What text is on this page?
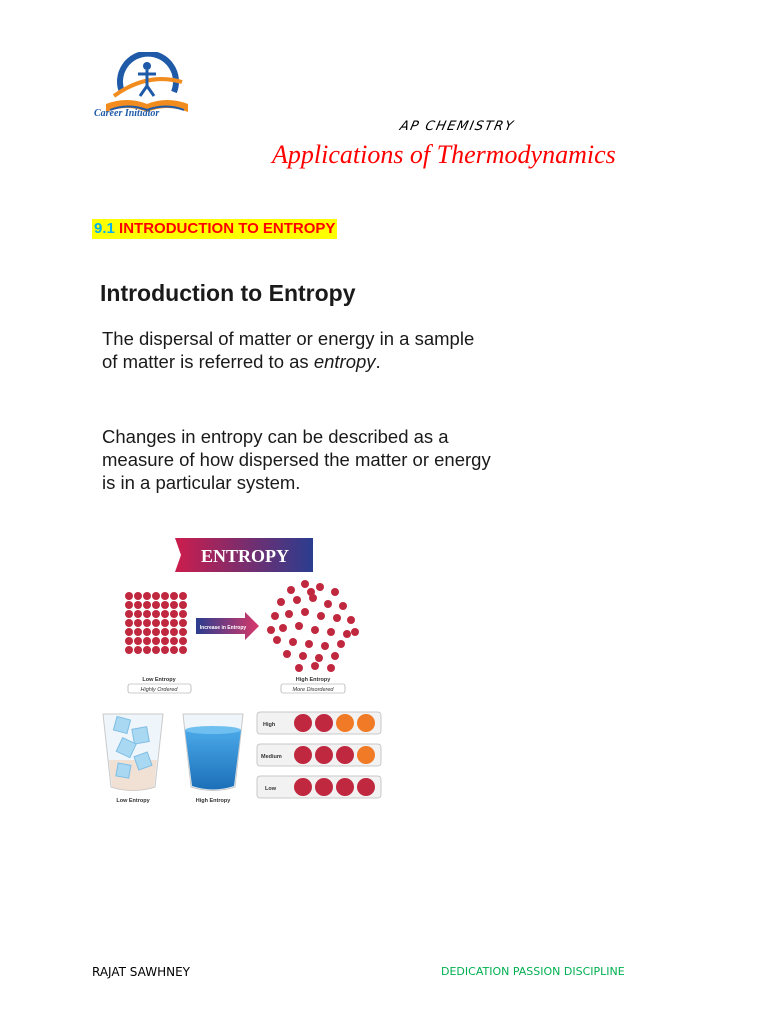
Career Initiator
AP CHEMISTRY
Applications of Thermodynamics
9.1 INTRODUCTION TO ENTROPY
Introduction to Entropy
The dispersal of matter or energy in a sample of matter is referred to as entropy.
Changes in entropy can be described as a measure of how dispersed the matter or energy is in a particular system.
ENTROPY
Increase in Entropy
Low Entropy
Highly Ordered
High Entropy
More Disordered
Low Entropy	High Entropy
High
Medium
Low
RAJAT SAWHNEY	DEDICATION PASSION DISCIPLINE
